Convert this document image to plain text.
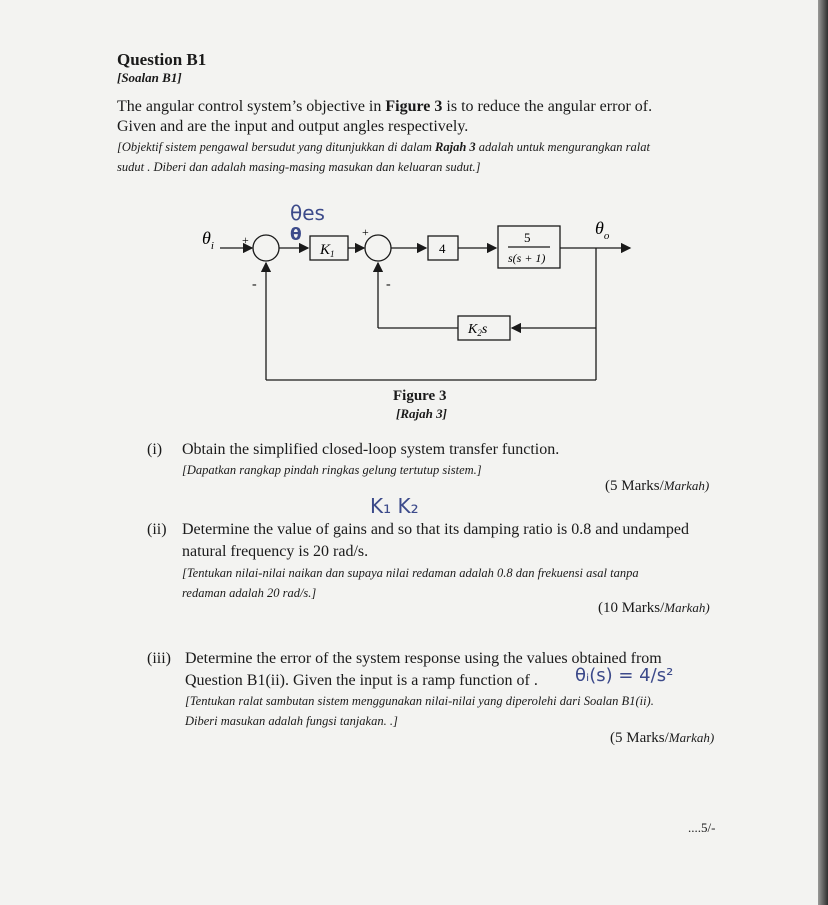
Question B1
[Soalan B1]
The angular control system’s objective in Figure 3 is to reduce the angular error of.
Given and are the input and output angles respectively.
[Objektif sistem pengawal bersudut yang ditunjukkan di dalam Rajah 3 adalah untuk mengurangkan ralat
sudut . Diberi dan adalah masing-masing masukan dan keluaran sudut.]
$\theta_i$
$\theta_o$
+
-
+
-
$K_1$	4
5
s(s + 1)
$K_2s$
θes
θ
Figure 3
[Rajah 3]
(i) Obtain the simplified closed-loop system transfer function.
[Dapatkan rangkap pindah ringkas gelung tertutup sistem.]
(5 Marks/Markah)
K₁ K₂
(ii) Determine the value of gains and so that its damping ratio is 0.8 and undamped
natural frequency is 20 rad/s.
[Tentukan nilai-nilai naikan dan supaya nilai redaman adalah 0.8 dan frekuensi asal tanpa
redaman adalah 20 rad/s.]
(10 Marks/Markah)
(iii) Determine the error of the system response using the values obtained from
Question B1(ii). Given the input is a ramp function of . θᵢ(s) = 4/s²
[Tentukan ralat sambutan sistem menggunakan nilai-nilai yang diperolehi dari Soalan B1(ii).
Diberi masukan adalah fungsi tanjakan. .]
(5 Marks/Markah)
....5/-
